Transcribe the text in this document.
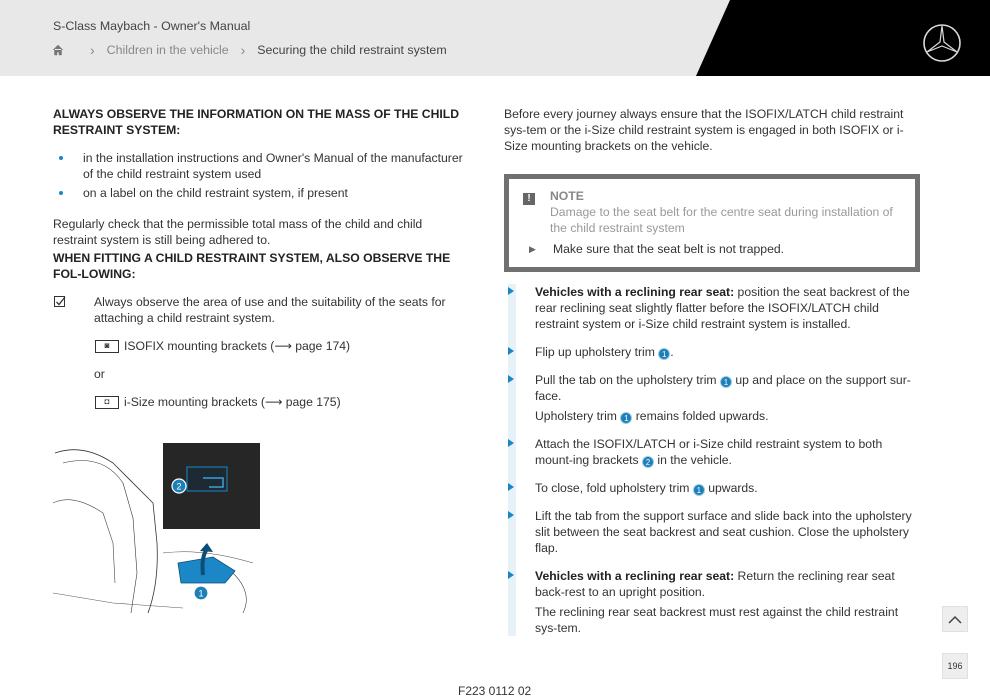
S-Class Maybach - Owner's Manual
› Children in the vehicle › Securing the child restraint system
ALWAYS OBSERVE THE INFORMATION ON THE MASS OF THE CHILD RESTRAINT SYSTEM:
in the installation instructions and Owner's Manual of the manufacturer of the child restraint system used
on a label on the child restraint system, if present
Regularly check that the permissible total mass of the child and child restraint system is still being adhered to.
WHEN FITTING A CHILD RESTRAINT SYSTEM, ALSO OBSERVE THE FOL-LOWING:
Always observe the area of use and the suitability of the seats for attaching a child restraint system.
◙	ISOFIX mounting brackets (⟶ page 174)
or
◘	i-Size mounting brackets (⟶ page 175)
2
1
F223 0112 02
Before every journey always ensure that the ISOFIX/LATCH child restraint sys-tem or the i-Size child restraint system is engaged in both ISOFIX or i-Size mounting brackets on the vehicle.
!	NOTE
Damage to the seat belt for the centre seat during installation of the child restraint system
▶	Make sure that the seat belt is not trapped.
Vehicles with a reclining rear seat: position the seat backrest of the rear reclining seat slightly flatter before the ISOFIX/LATCH child restraint system or i-Size child restraint system is installed.
Flip up upholstery trim 1 .
Pull the tab on the upholstery trim 1 up and place on the support sur-face.
Upholstery trim 1 remains folded upwards.
Attach the ISOFIX/LATCH or i-Size child restraint system to both mount-ing brackets 2 in the vehicle.
To close, fold upholstery trim 1 upwards.
Lift the tab from the support surface and slide back into the upholstery slit between the seat backrest and seat cushion. Close the upholstery flap.
Vehicles with a reclining rear seat: Return the reclining rear seat back-rest to an upright position.
The reclining rear seat backrest must rest against the child restraint sys-tem.
196
